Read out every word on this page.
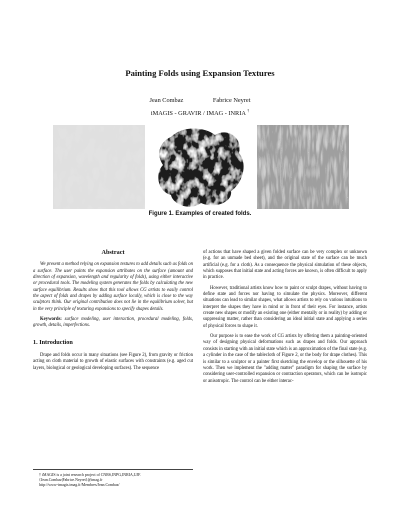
Painting Folds using Expansion Textures
Jean Combaz	Fabrice Neyret
iMAGIS - GRAVIR / IMAG - INRIA †
Figure 1. Examples of created folds.
Abstract

We present a method relying on expansion textures to add details such as folds on a surface. The user paints the expansion attributes on the surface (amount and direction of expansion, wavelength and regularity of folds), using either interactive or procedural tools. The modeling system generates the folds by calculating the new surface equilibrium. Results show that this tool allows CG artists to easily control the aspect of folds and drapes by adding surface locally, which is close to the way sculptors think. Our original contribution does not lie in the equilibrium solver, but in the very principle of texturing expansions to specify shapes details.

Keywords: surface modeling, user interaction, procedural modeling, folds, growth, details, imperfections.

1. Introduction

Drape and folds occur in many situations (see Figure 2), from gravity or friction acting on cloth material to growth of elastic surfaces with constraints (e.g. aged cut layers, biological or geological developing surfaces). The sequence

† iMAGIS is a joint research project of CNRS,INPG,INRIA,UJF.
{Jean.Combaz|Fabrice.Neyret}@imag.fr
http://www-imagis.imag.fr/Membres/Jean.Combaz/

of actions that have shaped a given folded surface can be very complex or unknown (e.g. for an unmade bed sheet), and the original state of the surface can be much artificial (e.g. for a cloth). As a consequence the physical simulation of these objects, which supposes that initial state and acting forces are known, is often difficult to apply in practice.

However, traditional artists know how to paint or sculpt drapes, without having to define state and forces nor having to simulate the physics. Moreover, different situations can lead to similar shapes, what allows artists to rely on various intuitions to interpret the shapes they have in mind or in front of their eyes. For instance, artists create new shapes or modify an existing one (either mentally or in reality) by adding or suppressing matter, rather than considering an ideal initial state and applying a series of physical forces to shape it.

Our purpose is to ease the work of CG artists by offering them a painting-oriented way of designing physical deformations such as drapes and folds. Our approach consists in starting with an initial state which is an approximation of the final state (e.g. a cylinder in the case of the tablecloth of Figure 2, or the body for drape clothes). This is similar to a sculptor or a painter first sketching the envelop or the silhouette of his work. Then we implement the "adding matter" paradigm for shaping the surface by considering user-controlled expansion or contraction operators, which can be isotropic or anisotropic. The control can be either interac-
